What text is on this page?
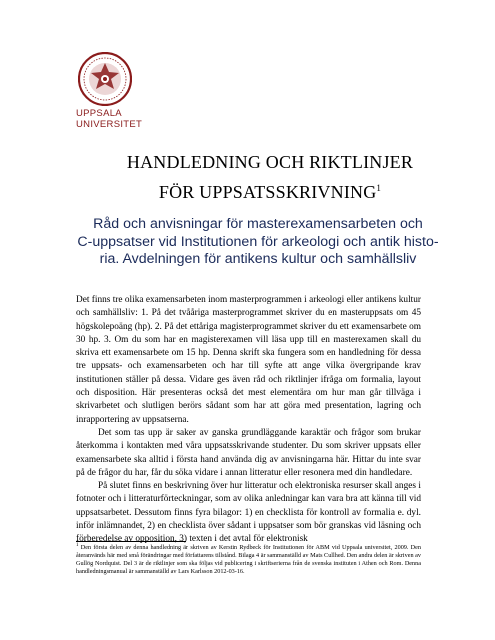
UPPSALA
UNIVERSITET
HANDLEDNING OCH RIKTLINJER
FÖR UPPSATSSKRIVNING$^1$
Råd och anvisningar för masterexamensarbeten och
C-uppsatser vid Institutionen för arkeologi och antik histo-
ria. Avdelningen för antikens kultur och samhällsliv

Det finns tre olika examensarbeten inom masterprogrammen i arkeologi eller antikens kultur och samhällsliv: 1. På det tvååriga masterprogrammet skriver du en masteruppsats om 45 högskolepoäng (hp). 2. På det ettåriga magisterprogrammet skriver du ett examensarbete om 30 hp. 3. Om du som har en magisterexamen vill läsa upp till en masterexamen skall du skriva ett examensarbete om 15 hp. Denna skrift ska fungera som en handledning för dessa tre uppsats- och examensarbeten och har till syfte att ange vilka övergripande krav institutionen ställer på dessa. Vidare ges även råd och riktlinjer ifråga om formalia, layout och disposition. Här presenteras också det mest elementära om hur man går tillväga i skrivarbetet och slutligen berörs sådant som har att göra med presentation, lagring och inrapportering av uppsatserna.

Det som tas upp är saker av ganska grundläggande karaktär och frågor som brukar återkomma i kontakten med våra uppsatsskrivande studenter. Du som skriver uppsats eller examensarbete ska alltid i första hand använda dig av anvisningarna här. Hittar du inte svar på de frågor du har, får du söka vidare i annan litteratur eller resonera med din handledare.

På slutet finns en beskrivning över hur litteratur och elektroniska resurser skall anges i fotnoter och i litteraturförteckningar, som av olika anledningar kan vara bra att känna till vid uppsatsarbetet. Dessutom finns fyra bilagor: 1) en checklista för kontroll av formalia e. dyl. inför inlämnandet, 2) en checklista över sådant i uppsatser som bör granskas vid läsning och förberedelse av opposition, 3) texten i det avtal för elektronisk

$^1$ Den första delen av denna handledning är skriven av Kerstin Rydbeck för Institutionen för ABM vid Uppsala universitet, 2009. Den återanvänds här med små förändringar med författarens tillstånd. Bilaga 4 är sammanställd av Mats Cullhed. Den andra delen är skriven av Gullög Nordquist. Del 3 är de riktlinjer som ska följas vid publicering i skriftserierna från de svenska instituten i Athen och Rom. Denna handledningsmanual är sammanställd av Lars Karlsson 2012-03-16.
